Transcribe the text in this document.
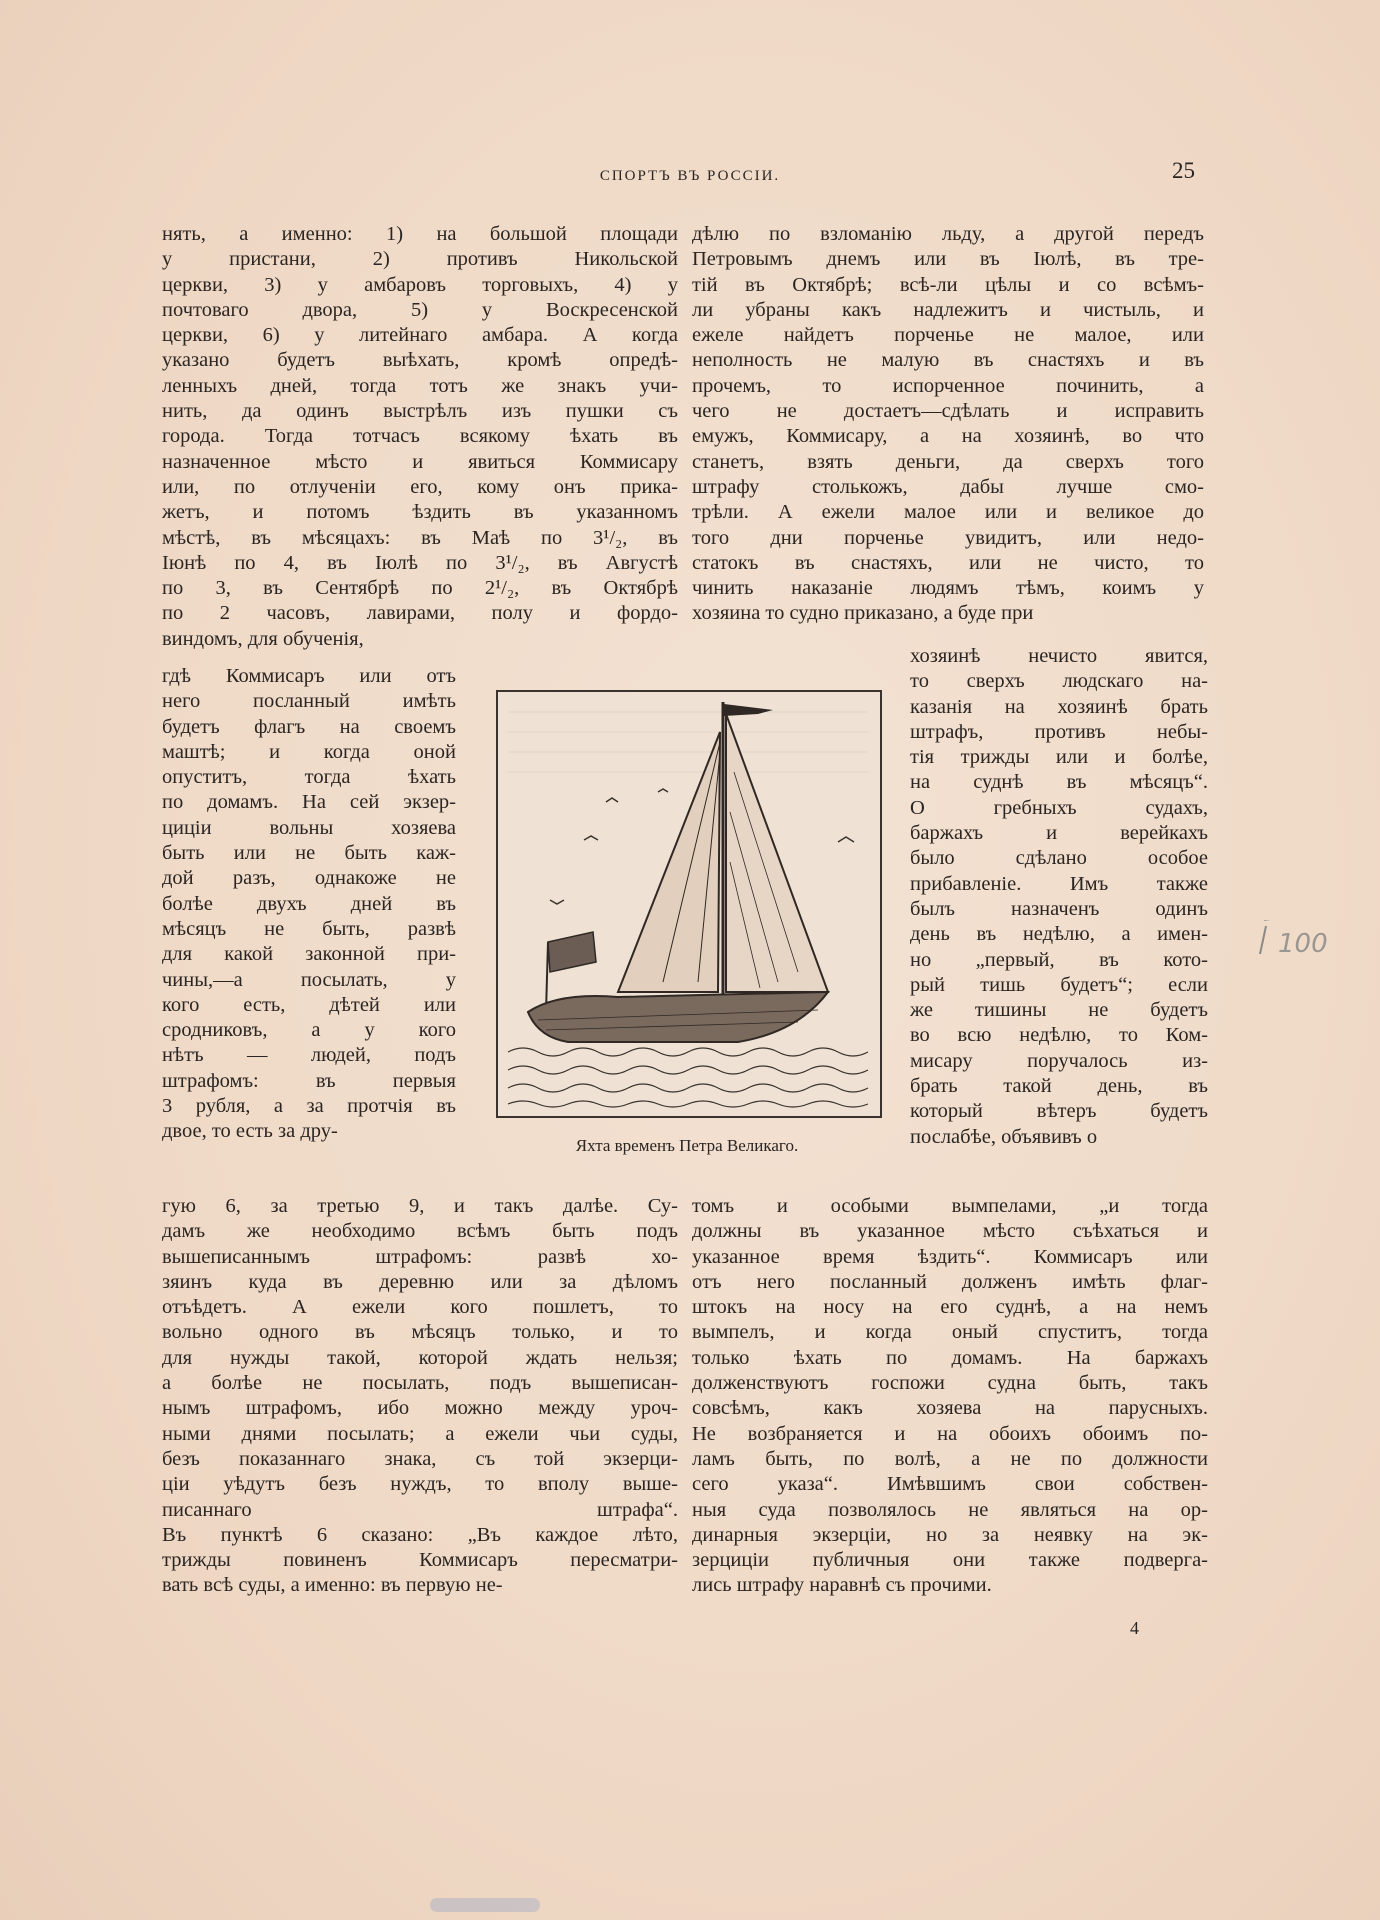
СПОРТЪ ВЪ РОССІИ.	25
нять, а именно: 1) на большой площади
у пристани, 2) противъ Никольской
церкви, 3) у амбаровъ торговыхъ, 4) у
почтоваго двора, 5) у Воскресенской
церкви, 6) у литейнаго амбара. А когда
указано будетъ выѣхать, кромѣ опредѣ-
ленныхъ дней, тогда тотъ же знакъ учи-
нить, да одинъ выстрѣлъ изъ пушки съ
города. Тогда тотчасъ всякому ѣхать въ
назначенное мѣсто и явиться Коммисару
или, по отлученіи его, кому онъ прика-
жетъ, и потомъ ѣздить въ указанномъ
мѣстѣ, въ мѣсяцахъ: въ Маѣ по 3¹/₂, въ
Іюнѣ по 4, въ Іюлѣ по 3¹/₂, въ Августѣ
по 3, въ Сентябрѣ по 2¹/₂, въ Октябрѣ
по 2 часовъ, лавирами, полу и фордо-
виндомъ, для обученія,
дѣлю по взломанію льду, а другой передъ
Петровымъ днемъ или въ Іюлѣ, въ тре-
тій въ Октябрѣ; всѣ-ли цѣлы и со всѣмъ-
ли убраны какъ надлежитъ и чистыль, и
ежеле найдетъ порченье не малое, или
неполность не малую въ снастяхъ и въ
прочемъ, то испорченное починить, а
чего не достаетъ—сдѣлать и исправить
емужъ, Коммисару, а на хозяинѣ, во что
станетъ, взять деньги, да сверхъ того
штрафу столькожъ, дабы лучше смо-
трѣли. А ежели малое или и великое до
того дни порченье увидитъ, или недо-
статокъ въ снастяхъ, или не чисто, то
чинить наказаніе людямъ тѣмъ, коимъ у
хозяина то судно приказано, а буде при
гдѣ Коммисаръ или отъ
него посланный имѣть
будетъ флагъ на своемъ
маштѣ; и когда оной
опуститъ, тогда ѣхать
по домамъ. На сей экзер-
циціи вольны хозяева
быть или не быть каж-
дой разъ, однакоже не
болѣе двухъ дней въ
мѣсяцъ не быть, развѣ
для какой законной при-
чины,—а посылать, у
кого есть, дѣтей или
сродниковъ, а у кого
нѣтъ — людей, подъ
штрафомъ: въ первыя
3 рубля, а за протчія въ
двое, то есть за дру-
хозяинѣ нечисто явится,
то сверхъ людскаго на-
казанія на хозяинѣ брать
штрафъ, противъ небы-
тія трижды или и болѣе,
на суднѣ въ мѣсяцъ“.
О гребныхъ судахъ,
баржахъ и верейкахъ
было сдѣлано особое
прибавленіе. Имъ также
былъ назначенъ одинъ
день въ недѣлю, а имен-
но „первый, въ кото-
рый тишь будетъ“; если
же тишины не будетъ
во всю недѣлю, то Ком-
мисару поручалось из-
брать такой день, въ
который вѣтеръ будетъ
послабѣе, объявивъ о
Яхта временъ Петра Великаго.
гую 6, за третью 9, и такъ далѣе. Су-
дамъ же необходимо всѣмъ быть подъ
вышеписаннымъ штрафомъ: развѣ хо-
зяинъ куда въ деревню или за дѣломъ
отъѣдетъ. А ежели кого пошлетъ, то
вольно одного въ мѣсяцъ только, и то
для нужды такой, которой ждать нельзя;
а болѣе не посылать, подъ вышеписан-
нымъ штрафомъ, ибо можно между уроч-
ными днями посылать; а ежели чьи суды,
безъ показаннаго знака, съ той экзерци-
ціи уѣдутъ безъ нуждъ, то вполу выше-
писаннаго штрафа“.
Въ пунктѣ 6 сказано: „Въ каждое лѣто,
трижды повиненъ Коммисаръ пересматри-
вать всѣ суды, а именно: въ первую не-
томъ и особыми вымпелами, „и тогда
должны въ указанное мѣсто съѣхаться и
указанное время ѣздить“. Коммисаръ или
отъ него посланный долженъ имѣть флаг-
штокъ на носу на его суднѣ, а на немъ
вымпелъ, и когда оный спуститъ, тогда
только ѣхать по домамъ. На баржахъ
долженствуютъ госпожи судна быть, такъ
совсѣмъ, какъ хозяева на парусныхъ.
Не возбраняется и на обоихъ обоимъ по-
ламъ быть, по волѣ, а не по должности
сего указа“. Имѣвшимъ свои собствен-
ныя суда позволялось не являться на ор-
динарныя экзерціи, но за неявку на эк-
зерциціи публичныя они также подверга-
лись штрафу наравнѣ съ прочими.
4
100
